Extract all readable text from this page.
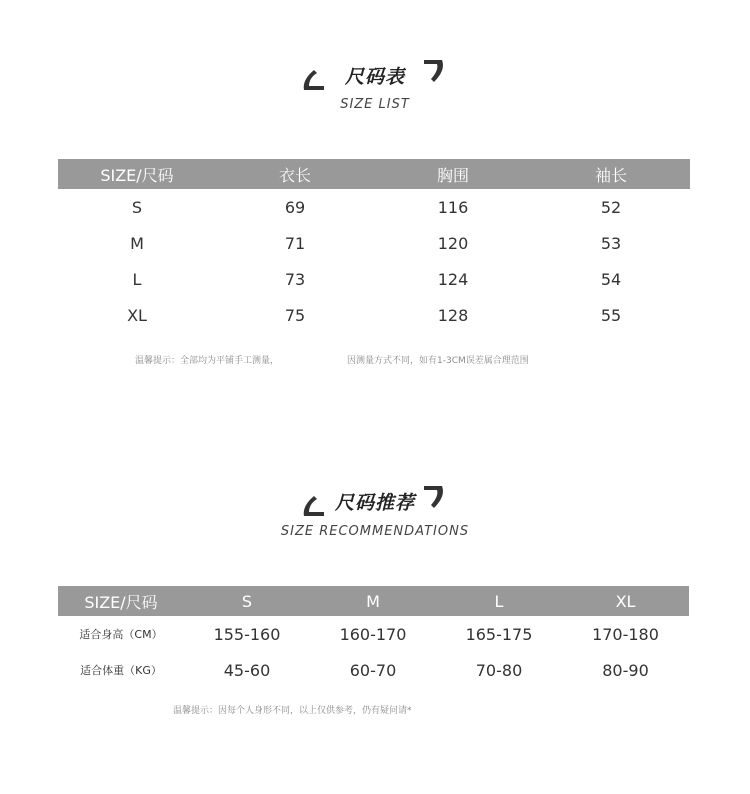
尺码表
SIZE LIST
SIZE/尺码	衣长	胸围	袖长
S	69	116	52
M	71	120	53
L	73	124	54
XL	75	128	55
温馨提示：全部均为平铺手工测量，	因测量方式不同，如有1-3CM误差属合理范围
尺码推荐
SIZE RECOMMENDATIONS
SIZE/尺码	S	M	L	XL
适合身高（CM）	155-160	160-170	165-175	170-180
适合体重（KG）	45-60	60-70	70-80	80-90
温馨提示：因每个人身形不同，以上仅供参考，仍有疑问请*
